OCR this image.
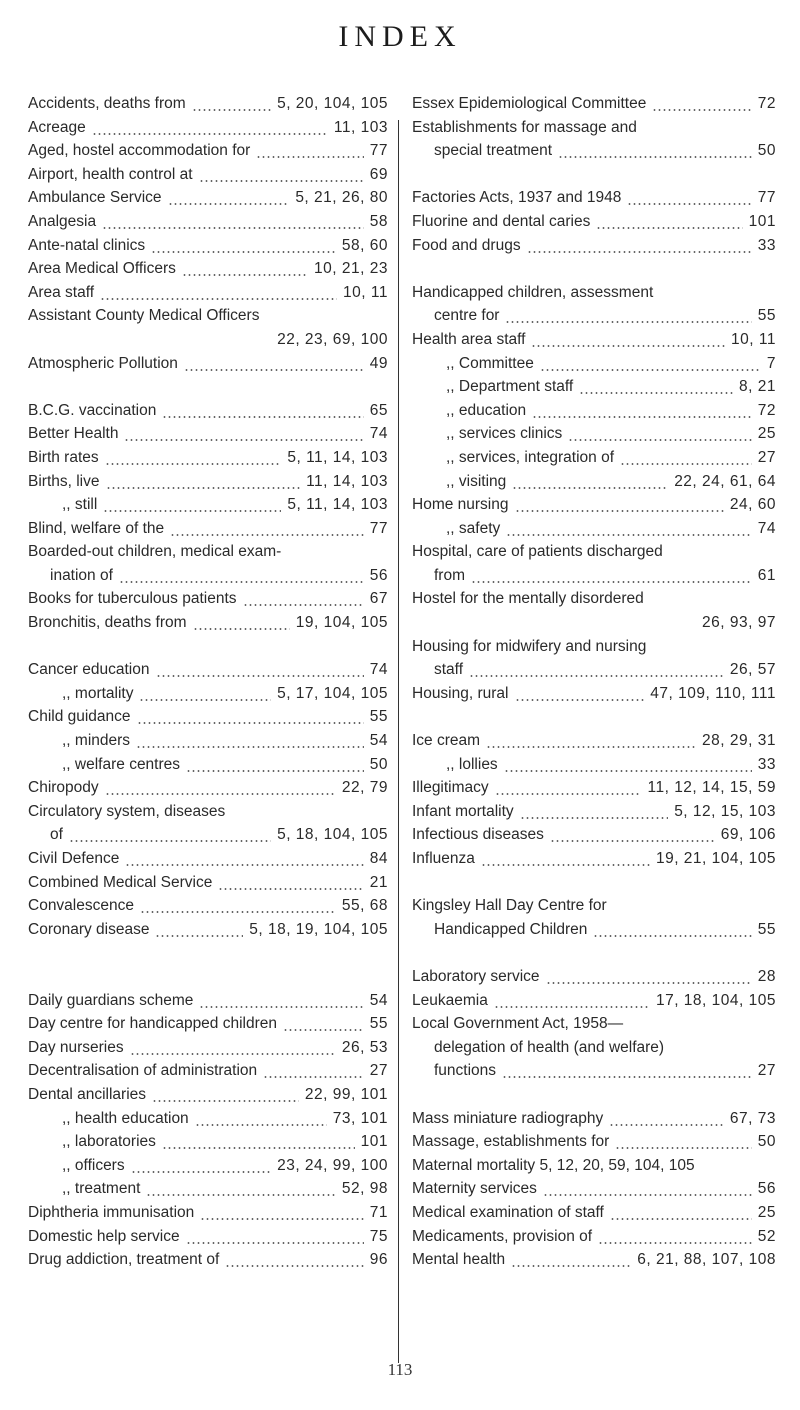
INDEX
Accidents, deaths from	5, 20, 104, 105
Acreage	11, 103
Aged, hostel accommodation for	77
Airport, health control at	69
Ambulance Service	5, 21, 26, 80
Analgesia	58
Ante-natal clinics	58, 60
Area Medical Officers	10, 21, 23
Area staff	10, 11
Assistant County Medical Officers
22, 23, 69, 100
Atmospheric Pollution	49
B.C.G. vaccination	65
Better Health	74
Birth rates	5, 11, 14, 103
Births, live	11, 14, 103
,, still	5, 11, 14, 103
Blind, welfare of the	77
Boarded-out children, medical exam-
ination of	56
Books for tuberculous patients	67
Bronchitis, deaths from	19, 104, 105
Cancer education	74
,, mortality	5, 17, 104, 105
Child guidance	55
,, minders	54
,, welfare centres	50
Chiropody	22, 79
Circulatory system, diseases
of	5, 18, 104, 105
Civil Defence	84
Combined Medical Service	21
Convalescence	55, 68
Coronary disease	5, 18, 19, 104, 105
Daily guardians scheme	54
Day centre for handicapped children	55
Day nurseries	26, 53
Decentralisation of administration	27
Dental ancillaries	22, 99, 101
,, health education	73, 101
,, laboratories	101
,, officers	23, 24, 99, 100
,, treatment	52, 98
Diphtheria immunisation	71
Domestic help service	75
Drug addiction, treatment of	96
Essex Epidemiological Committee	72
Establishments for massage and
special treatment	50
Factories Acts, 1937 and 1948	77
Fluorine and dental caries	101
Food and drugs	33
Handicapped children, assessment
centre for	55
Health area staff	10, 11
,, Committee	7
,, Department staff	8, 21
,, education	72
,, services clinics	25
,, services, integration of	27
,, visiting	22, 24, 61, 64
Home nursing	24, 60
,, safety	74
Hospital, care of patients discharged
from	61
Hostel for the mentally disordered
26, 93, 97
Housing for midwifery and nursing
staff	26, 57
Housing, rural	47, 109, 110, 111
Ice cream	28, 29, 31
,, lollies	33
Illegitimacy	11, 12, 14, 15, 59
Infant mortality	5, 12, 15, 103
Infectious diseases	69, 106
Influenza	19, 21, 104, 105
Kingsley Hall Day Centre for
Handicapped Children	55
Laboratory service	28
Leukaemia	17, 18, 104, 105
Local Government Act, 1958—
delegation of health (and welfare)
functions	27
Mass miniature radiography	67, 73
Massage, establishments for	50
Maternal mortality 5, 12, 20, 59, 104, 105
Maternity services	56
Medical examination of staff	25
Medicaments, provision of	52
Mental health	6, 21, 88, 107, 108
113
